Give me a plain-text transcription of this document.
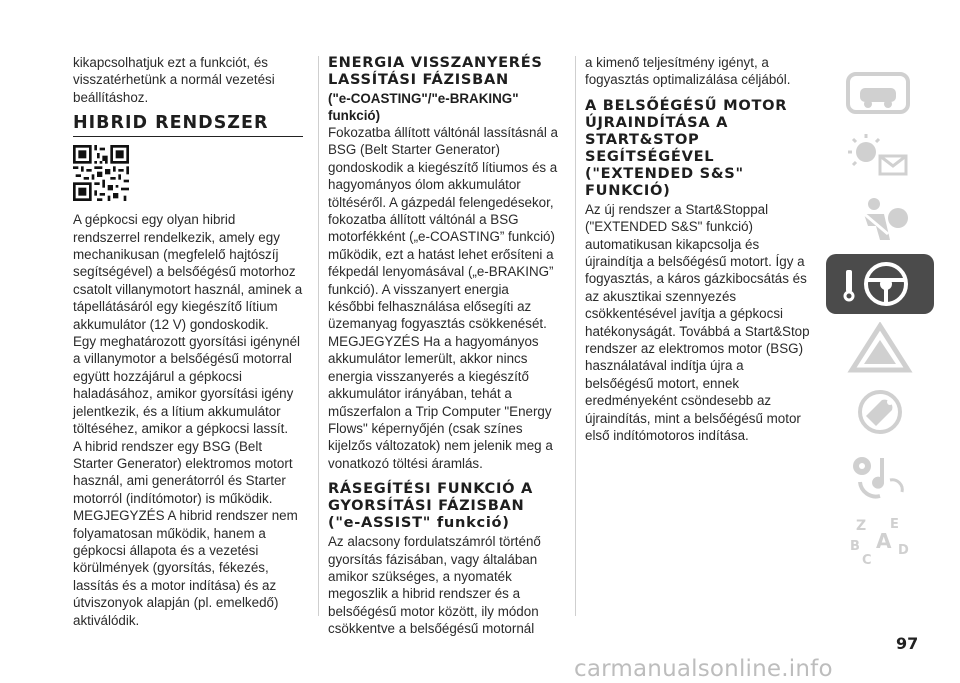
kikapcsolhatjuk ezt a funkciót, és visszatérhetünk a normál vezetési beállításhoz.

HIBRID RENDSZER

A gépkocsi egy olyan hibrid rendszerrel rendelkezik, amely egy mechanikusan (megfelelő hajtószíj segítségével) a belsőégésű motorhoz csatolt villanymotort használ, aminek a tápellátásáról egy kiegészítő lítium akkumulátor (12 V) gondoskodik.

Egy meghatározott gyorsítási igénynél a villanymotor a belsőégésű motorral együtt hozzájárul a gépkocsi haladásához, amikor gyorsítási igény jelentkezik, és a lítium akkumulátor töltéséhez, amikor a gépkocsi lassít.

A hibrid rendszer egy BSG (Belt Starter Generator) elektromos motort használ, ami generátorról és Starter motorról (indítómotor) is működik.

MEGJEGYZÉS A hibrid rendszer nem folyamatosan működik, hanem a gépkocsi állapota és a vezetési körülmények (gyorsítás, fékezés, lassítás és a motor indítása) és az útviszonyok alapján (pl. emelkedő) aktiválódik.

ENERGIA VISSZANYERÉS LASSÍTÁSI FÁZISBAN
("e-COASTING"/"e-BRAKING" funkció)

Fokozatba állított váltónál lassításnál a BSG (Belt Starter Generator) gondoskodik a kiegészítő lítiumos és a hagyományos ólom akkumulátor töltéséről. A gázpedál felengedésekor, fokozatba állított váltónál a BSG motorfékként („e-COASTING” funkció) működik, ezt a hatást lehet erősíteni a fékpedál lenyomásával („e-BRAKING” funkció). A visszanyert energia későbbi felhasználása elősegíti az üzemanyag fogyasztás csökkenését.

MEGJEGYZÉS Ha a hagyományos akkumulátor lemerült, akkor nincs energia visszanyerés a kiegészítő akkumulátor irányában, tehát a műszerfalon a Trip Computer "Energy Flows" képernyőjén (csak színes kijelzős változatok) nem jelenik meg a vonatkozó töltési áramlás.

RÁSEGÍTÉSI FUNKCIÓ A GYORSÍTÁSI FÁZISBAN ("e-ASSIST" funkció)

Az alacsony fordulatszámról történő gyorsítás fázisában, vagy általában amikor szükséges, a nyomaték megoszlik a hibrid rendszer és a belsőégésű motor között, ily módon csökkentve a belsőégésű motornál

a kimenő teljesítmény igényt, a fogyasztás optimalizálása céljából.

A BELSŐÉGÉSŰ MOTOR ÚJRAINDÍTÁSA A START&STOP SEGÍTSÉGÉVEL ("EXTENDED S&S" FUNKCIÓ)

Az új rendszer a Start&Stoppal ("EXTENDED S&S" funkció) automatikusan kikapcsolja és újraindítja a belsőégésű motort. Így a fogyasztás, a káros gázkibocsátás és az akusztikai szennyezés csökkentésével javítja a gépkocsi hatékonyságát. Továbbá a Start&Stop rendszer az elektromos motor (BSG) használatával indítja újra a belsőégésű motort, ennek eredményeként csöndesebb az újraindítás, mint a belsőégésű motor első indítómotoros indítása.

Z E
B A
C
D
97
carmanualsonline.info
